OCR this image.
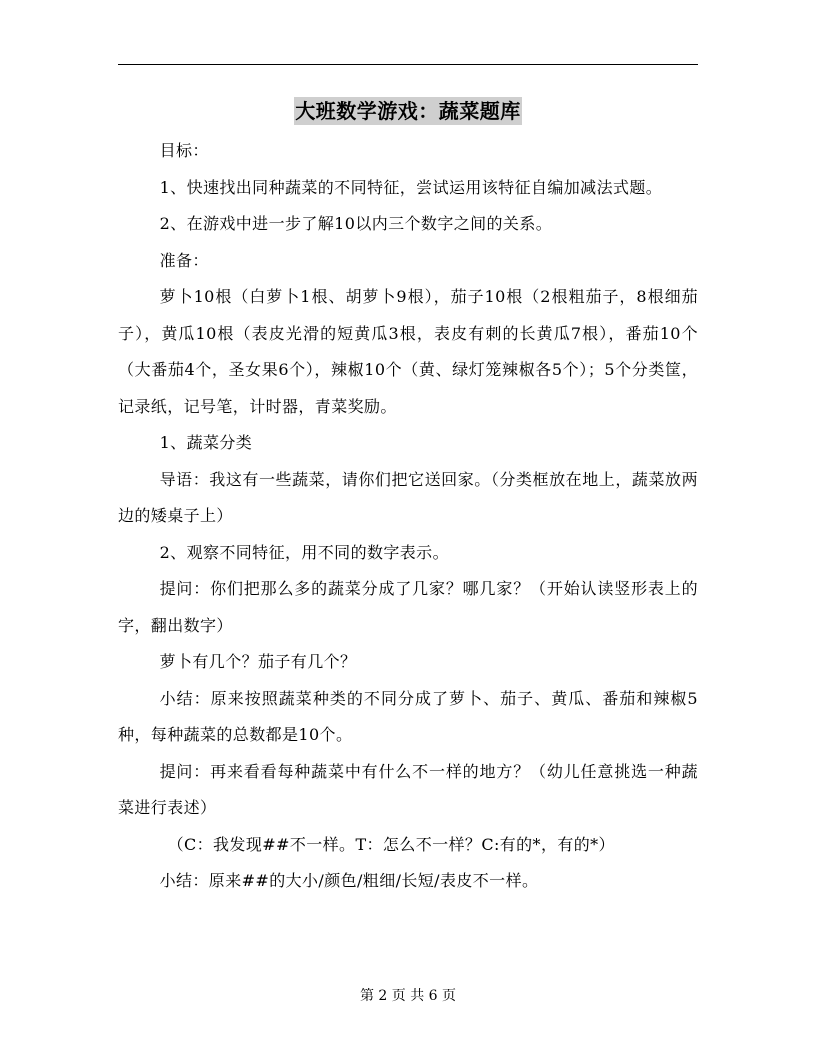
大班数学游戏：蔬菜题库

目标：

1、快速找出同种蔬菜的不同特征，尝试运用该特征自编加减法式题。

2、在游戏中进一步了解10以内三个数字之间的关系。

准备：

萝卜10根（白萝卜1根、胡萝卜9根），茄子10根（2根粗茄子，8根细茄子），黄瓜10根（表皮光滑的短黄瓜3根，表皮有刺的长黄瓜7根），番茄10个（大番茄4个，圣女果6个），辣椒10个（黄、绿灯笼辣椒各5个）；5个分类筐，记录纸，记号笔，计时器，青菜奖励。

1、蔬菜分类

导语：我这有一些蔬菜，请你们把它送回家。（分类框放在地上，蔬菜放两边的矮桌子上）

2、观察不同特征，用不同的数字表示。

提问：你们把那么多的蔬菜分成了几家？哪几家？（开始认读竖形表上的字，翻出数字）

萝卜有几个？茄子有几个？

小结：原来按照蔬菜种类的不同分成了萝卜、茄子、黄瓜、番茄和辣椒5种，每种蔬菜的总数都是10个。

提问：再来看看每种蔬菜中有什么不一样的地方？（幼儿任意挑选一种蔬菜进行表述）

（C：我发现##不一样。T：怎么不一样？C:有的*，有的*）

小结：原来##的大小/颜色/粗细/长短/表皮不一样。

第 2 页 共 6 页
